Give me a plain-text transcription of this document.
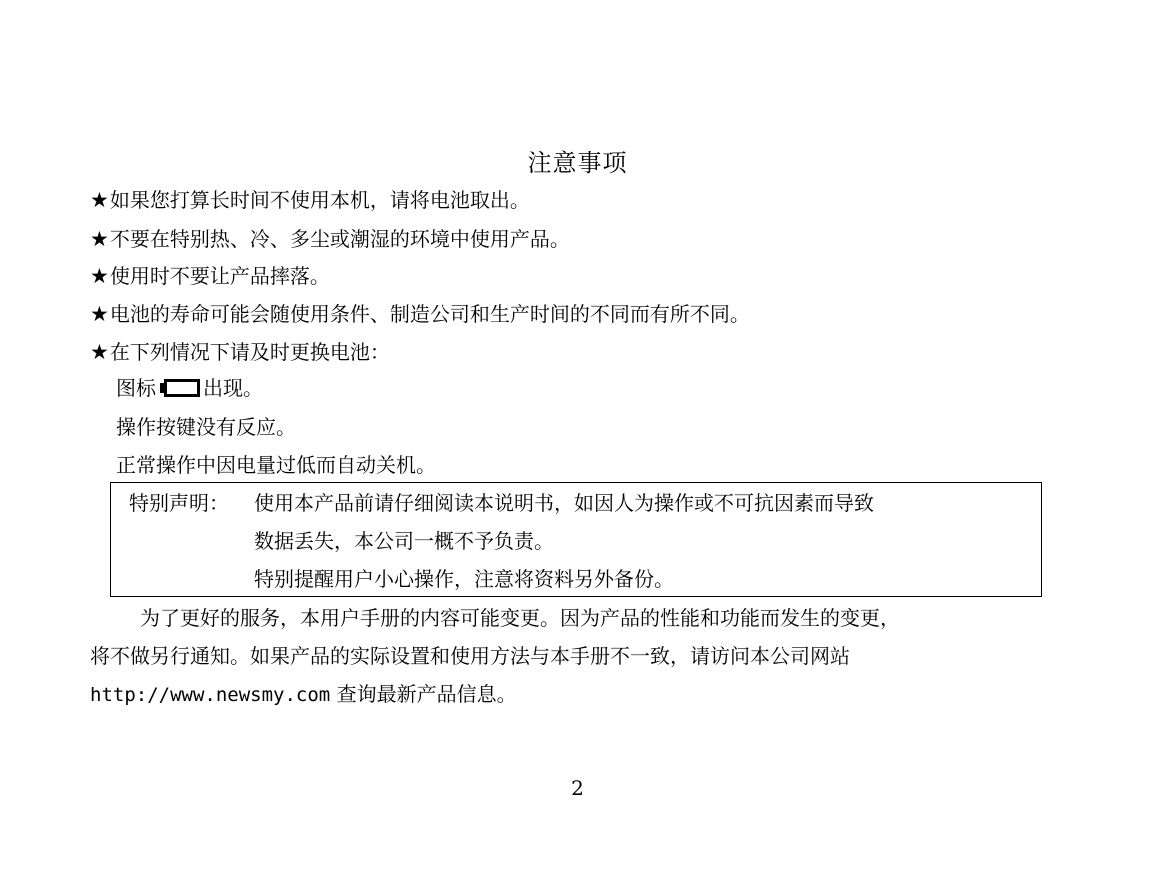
注意事项
★如果您打算长时间不使用本机，请将电池取出。
★不要在特别热、冷、多尘或潮湿的环境中使用产品。
★使用时不要让产品摔落。
★电池的寿命可能会随使用条件、制造公司和生产时间的不同而有所不同。
★在下列情况下请及时更换电池：
图标 出现。
操作按键没有反应。
正常操作中因电量过低而自动关机。
特别声明： 使用本产品前请仔细阅读本说明书，如因人为操作或不可抗因素而导致
数据丢失，本公司一概不予负责。
特别提醒用户小心操作，注意将资料另外备份。
为了更好的服务，本用户手册的内容可能变更。因为产品的性能和功能而发生的变更，
将不做另行通知。如果产品的实际设置和使用方法与本手册不一致，请访问本公司网站
http://www.newsmy.com 查询最新产品信息。
2
